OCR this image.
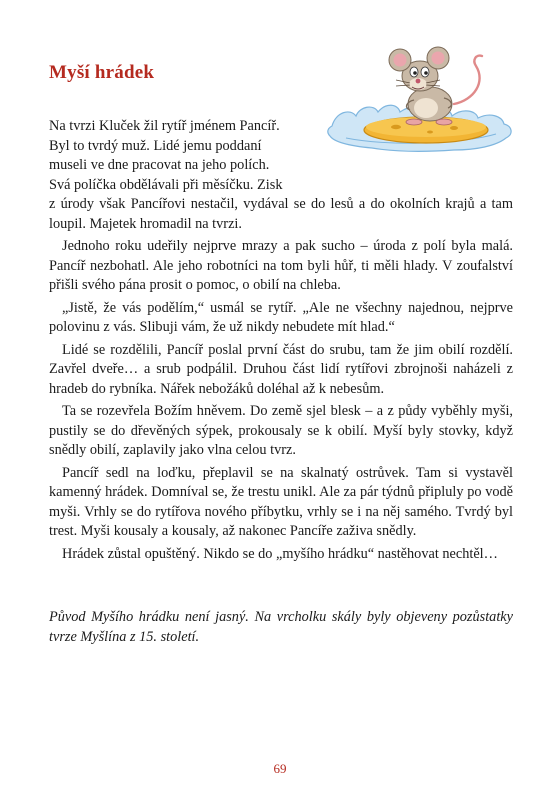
Myší hrádek

Na tvrzi Kluček žil rytíř jménem Pancíř.
Byl to tvrdý muž. Lidé jemu poddaní
museli ve dne pracovat na jeho polích.
Svá políčka obdělávali při měsíčku. Zisk

z úrody však Pancířovi nestačil, vydával se do lesů a do okolních krajů a tam loupil. Majetek hromadil na tvrzi.

Jednoho roku udeřily nejprve mrazy a pak sucho – úroda z polí byla malá. Pancíř nezbohatl. Ale jeho robotníci na tom byli hůř, ti měli hlady. V zoufalství přišli svého pána prosit o pomoc, o obilí na chleba.

„Jistě, že vás podělím,“ usmál se rytíř. „Ale ne všechny najednou, nejprve polovinu z vás. Slibuji vám, že už nikdy nebudete mít hlad.“

Lidé se rozdělili, Pancíř poslal první část do srubu, tam že jim obilí rozdělí. Zavřel dveře… a srub podpálil. Druhou část lidí rytířovi zbrojnoši naházeli z hradeb do rybníka. Nářek nebožáků doléhal až k nebesům.

Ta se rozevřela Božím hněvem. Do země sjel blesk – a z půdy vyběhly myši, pustily se do dřevěných sýpek, prokousaly se k obilí. Myší byly stovky, když snědly obilí, zaplavily jako vlna celou tvrz.

Pancíř sedl na loďku, přeplavil se na skalnatý ostrůvek. Tam si vystavěl kamenný hrádek. Domníval se, že trestu unikl. Ale za pár týdnů připluly po vodě myši. Vrhly se do rytířova nového příbytku, vrhly se i na něj samého. Tvrdý byl trest. Myši kousaly a kousaly, až nakonec Pancíře zaživa snědly.

Hrádek zůstal opuštěný. Nikdo se do „myšího hrádku“ nastěhovat nechtěl…

Původ Myšího hrádku není jasný. Na vrcholku skály byly objeveny pozůstatky tvrze Myšlína z 15. století.

69
